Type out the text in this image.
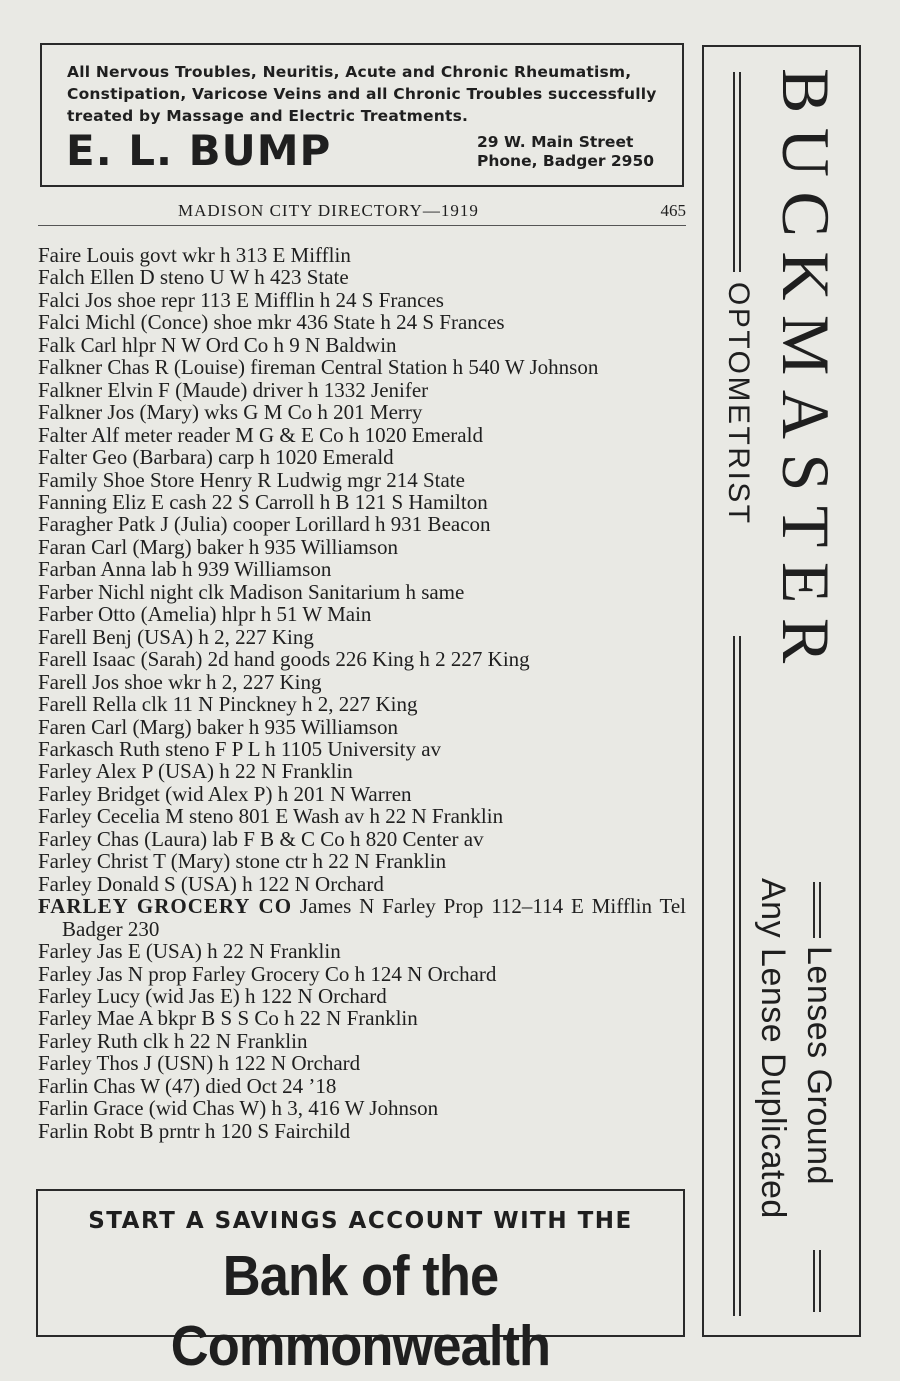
All Nervous Troubles, Neuritis, Acute and Chronic Rheumatism, Constipation, Varicose Veins and all Chronic Troubles successfully treated by Massage and Electric Treatments.
E. L. BUMP	29 W. Main Street
Phone, Badger 2950
MADISON CITY DIRECTORY—1919	465
Faire Louis govt wkr h 313 E Mifflin
Falch Ellen D steno U W h 423 State
Falci Jos shoe repr 113 E Mifflin h 24 S Frances
Falci Michl (Conce) shoe mkr 436 State h 24 S Frances
Falk Carl hlpr N W Ord Co h 9 N Baldwin
Falkner Chas R (Louise) fireman Central Station h 540 W Johnson
Falkner Elvin F (Maude) driver h 1332 Jenifer
Falkner Jos (Mary) wks G M Co h 201 Merry
Falter Alf meter reader M G & E Co h 1020 Emerald
Falter Geo (Barbara) carp h 1020 Emerald
Family Shoe Store Henry R Ludwig mgr 214 State
Fanning Eliz E cash 22 S Carroll h B 121 S Hamilton
Faragher Patk J (Julia) cooper Lorillard h 931 Beacon
Faran Carl (Marg) baker h 935 Williamson
Farban Anna lab h 939 Williamson
Farber Nichl night clk Madison Sanitarium h same
Farber Otto (Amelia) hlpr h 51 W Main
Farell Benj (USA) h 2, 227 King
Farell Isaac (Sarah) 2d hand goods 226 King h 2 227 King
Farell Jos shoe wkr h 2, 227 King
Farell Rella clk 11 N Pinckney h 2, 227 King
Faren Carl (Marg) baker h 935 Williamson
Farkasch Ruth steno F P L h 1105 University av
Farley Alex P (USA) h 22 N Franklin
Farley Bridget (wid Alex P) h 201 N Warren
Farley Cecelia M steno 801 E Wash av h 22 N Franklin
Farley Chas (Laura) lab F B & C Co h 820 Center av
Farley Christ T (Mary) stone ctr h 22 N Franklin
Farley Donald S (USA) h 122 N Orchard
FARLEY GROCERY CO James N Farley Prop 112–114 E Mifflin Tel Badger 230
Farley Jas E (USA) h 22 N Franklin
Farley Jas N prop Farley Grocery Co h 124 N Orchard
Farley Lucy (wid Jas E) h 122 N Orchard
Farley Mae A bkpr B S S Co h 22 N Franklin
Farley Ruth clk h 22 N Franklin
Farley Thos J (USN) h 122 N Orchard
Farlin Chas W (47) died Oct 24 ’18
Farlin Grace (wid Chas W) h 3, 416 W Johnson
Farlin Robt B prntr h 120 S Fairchild
START A SAVINGS ACCOUNT WITH THE
Bank of the Commonwealth
BUCKMASTER
OPTOMETRIST
Lenses Ground
Any Lense Duplicated
